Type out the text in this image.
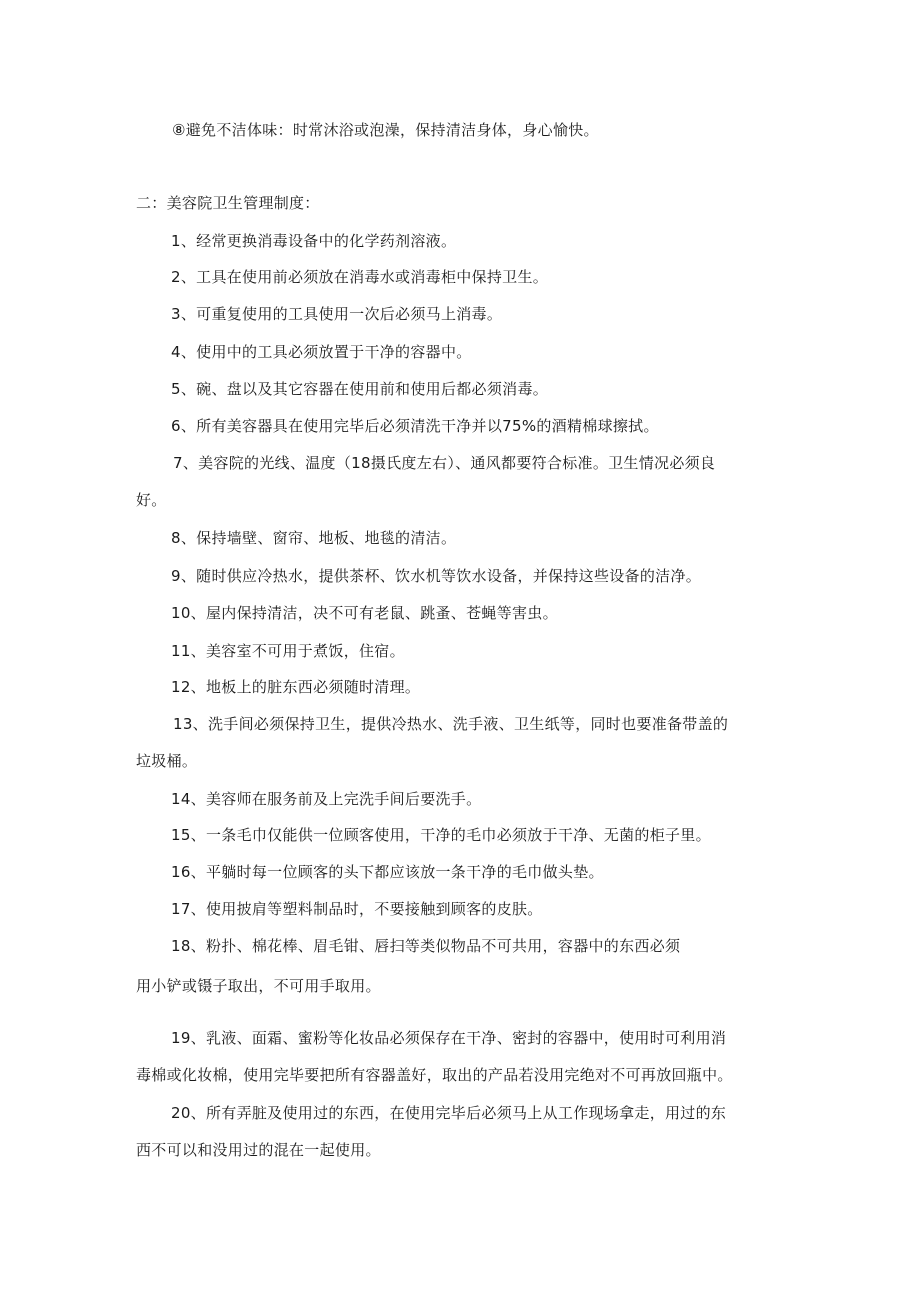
⑧避免不洁体味：时常沐浴或泡澡，保持清洁身体，身心愉快。

二：美容院卫生管理制度：

1、经常更换消毒设备中的化学药剂溶液。

2、工具在使用前必须放在消毒水或消毒柜中保持卫生。

3、可重复使用的工具使用一次后必须马上消毒。

4、使用中的工具必须放置于干净的容器中。

5、碗、盘以及其它容器在使用前和使用后都必须消毒。

6、所有美容器具在使用完毕后必须清洗干净并以75%的酒精棉球擦拭。

7、美容院的光线、温度（18摄氏度左右）、通风都要符合标准。卫生情况必须良

好。

8、保持墙壁、窗帘、地板、地毯的清洁。

9、随时供应冷热水，提供茶杯、饮水机等饮水设备，并保持这些设备的洁净。

10、屋内保持清洁，决不可有老鼠、跳蚤、苍蝇等害虫。

11、美容室不可用于煮饭，住宿。

12、地板上的脏东西必须随时清理。

13、洗手间必须保持卫生，提供冷热水、洗手液、卫生纸等，同时也要准备带盖的

垃圾桶。

14、美容师在服务前及上完洗手间后要洗手。

15、一条毛巾仅能供一位顾客使用，干净的毛巾必须放于干净、无菌的柜子里。

16、平躺时每一位顾客的头下都应该放一条干净的毛巾做头垫。

17、使用披肩等塑料制品时，不要接触到顾客的皮肤。

18、粉扑、棉花棒、眉毛钳、唇扫等类似物品不可共用，容器中的东西必须

用小铲或镊子取出，不可用手取用。

19、乳液、面霜、蜜粉等化妆品必须保存在干净、密封的容器中，使用时可利用消

毒棉或化妆棉，使用完毕要把所有容器盖好，取出的产品若没用完绝对不可再放回瓶中。

20、所有弄脏及使用过的东西，在使用完毕后必须马上从工作现场拿走，用过的东

西不可以和没用过的混在一起使用。
